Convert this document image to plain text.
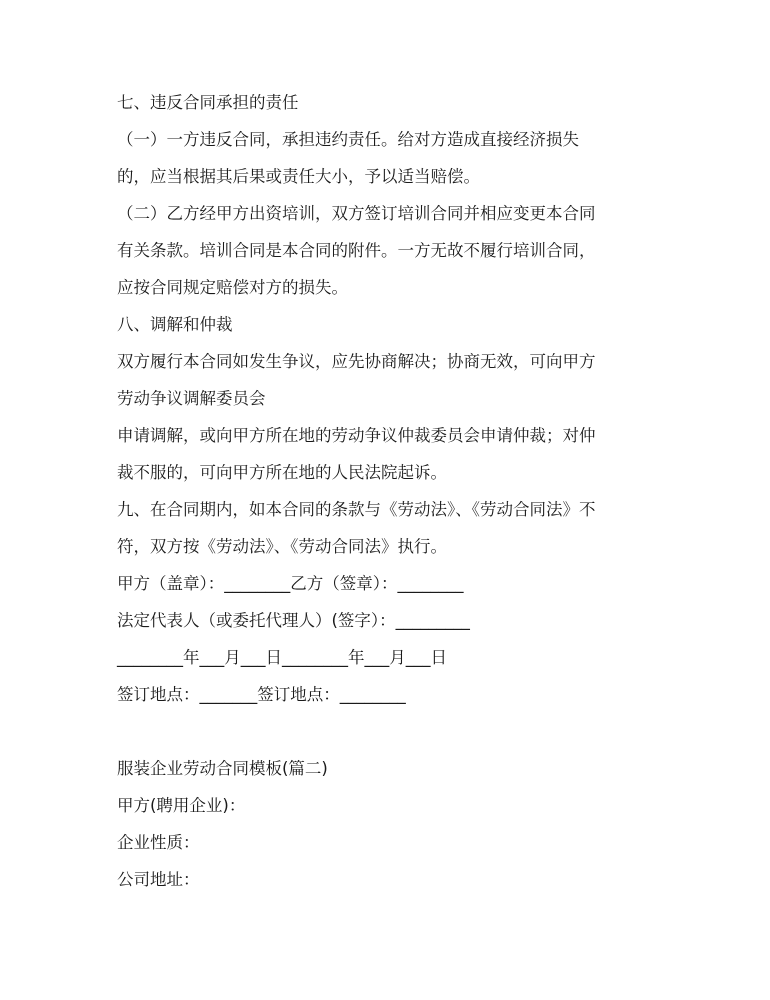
七、违反合同承担的责任
（一）一方违反合同，承担违约责任。给对方造成直接经济损失
的，应当根据其后果或责任大小，予以适当赔偿。
（二）乙方经甲方出资培训，双方签订培训合同并相应变更本合同
有关条款。培训合同是本合同的附件。一方无故不履行培训合同，
应按合同规定赔偿对方的损失。
八、调解和仲裁
双方履行本合同如发生争议，应先协商解决；协商无效，可向甲方
劳动争议调解委员会
申请调解，或向甲方所在地的劳动争议仲裁委员会申请仲裁；对仲
裁不服的，可向甲方所在地的人民法院起诉。
九、在合同期内，如本合同的条款与《劳动法》、《劳动合同法》不
符，双方按《劳动法》、《劳动合同法》执行。
甲方（盖章）：________乙方（签章）：________
法定代表人（或委托代理人）(签字）：_________
________年___月___日________年___月___日
签订地点：_______签订地点：________
服装企业劳动合同模板(篇二)
甲方(聘用企业)：
企业性质：
公司地址：
